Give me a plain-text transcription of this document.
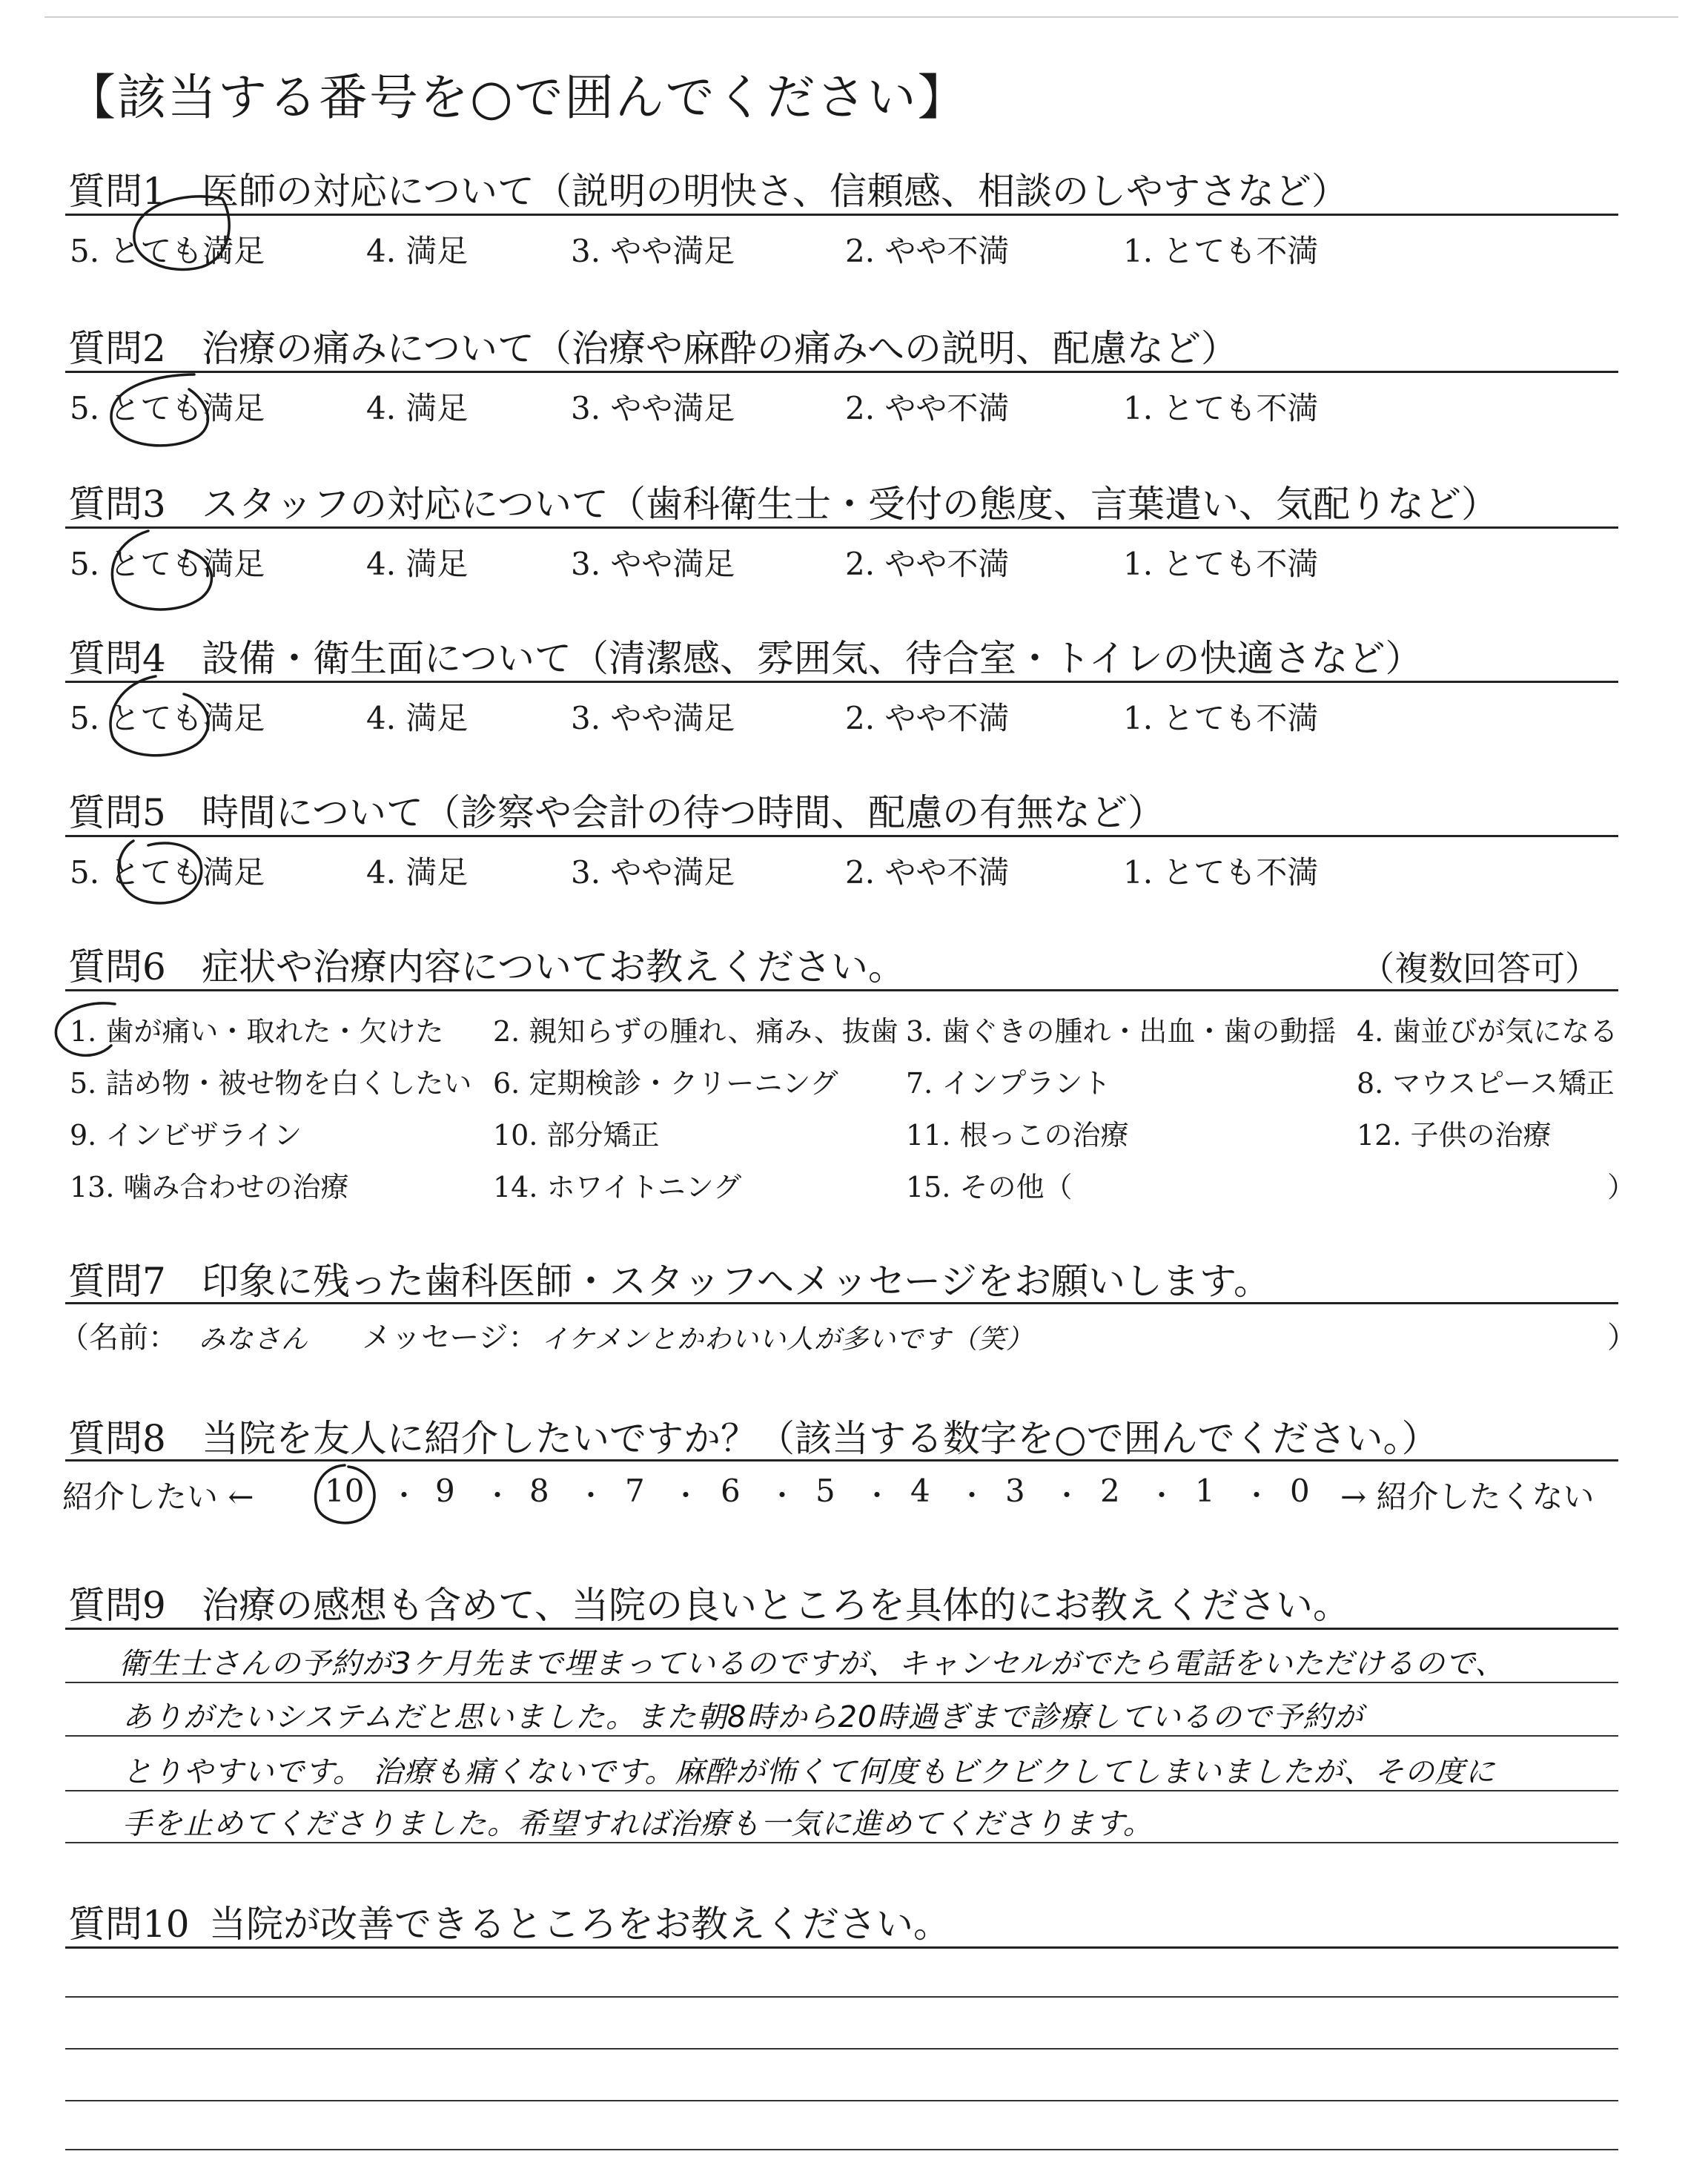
【該当する番号を○で囲んでください】
質問1 医師の対応について（説明の明快さ、信頼感、相談のしやすさなど）
5. とても満足	4. 満足	3. やや満足	2. やや不満	1. とても不満
質問2 治療の痛みについて（治療や麻酔の痛みへの説明、配慮など）
5. とても満足	4. 満足	3. やや満足	2. やや不満	1. とても不満
質問3 スタッフの対応について（歯科衛生士・受付の態度、言葉遣い、気配りなど）
5. とても満足	4. 満足	3. やや満足	2. やや不満	1. とても不満
質問4 設備・衛生面について（清潔感、雰囲気、待合室・トイレの快適さなど）
5. とても満足	4. 満足	3. やや満足	2. やや不満	1. とても不満
質問5 時間について（診察や会計の待つ時間、配慮の有無など）
5. とても満足	4. 満足	3. やや満足	2. やや不満	1. とても不満
質問6 症状や治療内容についてお教えください。	（複数回答可）
1. 歯が痛い・取れた・欠けた 2. 親知らずの腫れ、痛み、抜歯 3. 歯ぐきの腫れ・出血・歯の動揺 4. 歯並びが気になる
5. 詰め物・被せ物を白くしたい 6. 定期検診・クリーニング 7. インプラント	8. マウスピース矯正
9. インビザライン	10. 部分矯正	11. 根っこの治療	12. 子供の治療
13. 噛み合わせの治療	14. ホワイトニング	15. その他（	）
質問7 印象に残った歯科医師・スタッフへメッセージをお願いします。
（名前： みなさん メッセージ： イケメンとかわいい人が多いです（笑）	）
質問8 当院を友人に紹介したいですか？（該当する数字を○で囲んでください。）
紹介したい ←	→ 紹介したくない
10 ・ 9 ・ 8 ・ 7 ・ 6 ・ 5 ・ 4 ・ 3 ・ 2 ・ 1 ・ 0
質問9 治療の感想も含めて、当院の良いところを具体的にお教えください。
衛生士さんの予約が3ケ月先まで埋まっているのですが、キャンセルがでたら電話をいただけるので、
ありがたいシステムだと思いました。また朝8時から20時過ぎまで診療しているので予約が
とりやすいです。 治療も痛くないです。麻酔が怖くて何度もビクビクしてしまいましたが、その度に
手を止めてくださりました。希望すれば治療も一気に進めてくださります。
質問10 当院が改善できるところをお教えください。
